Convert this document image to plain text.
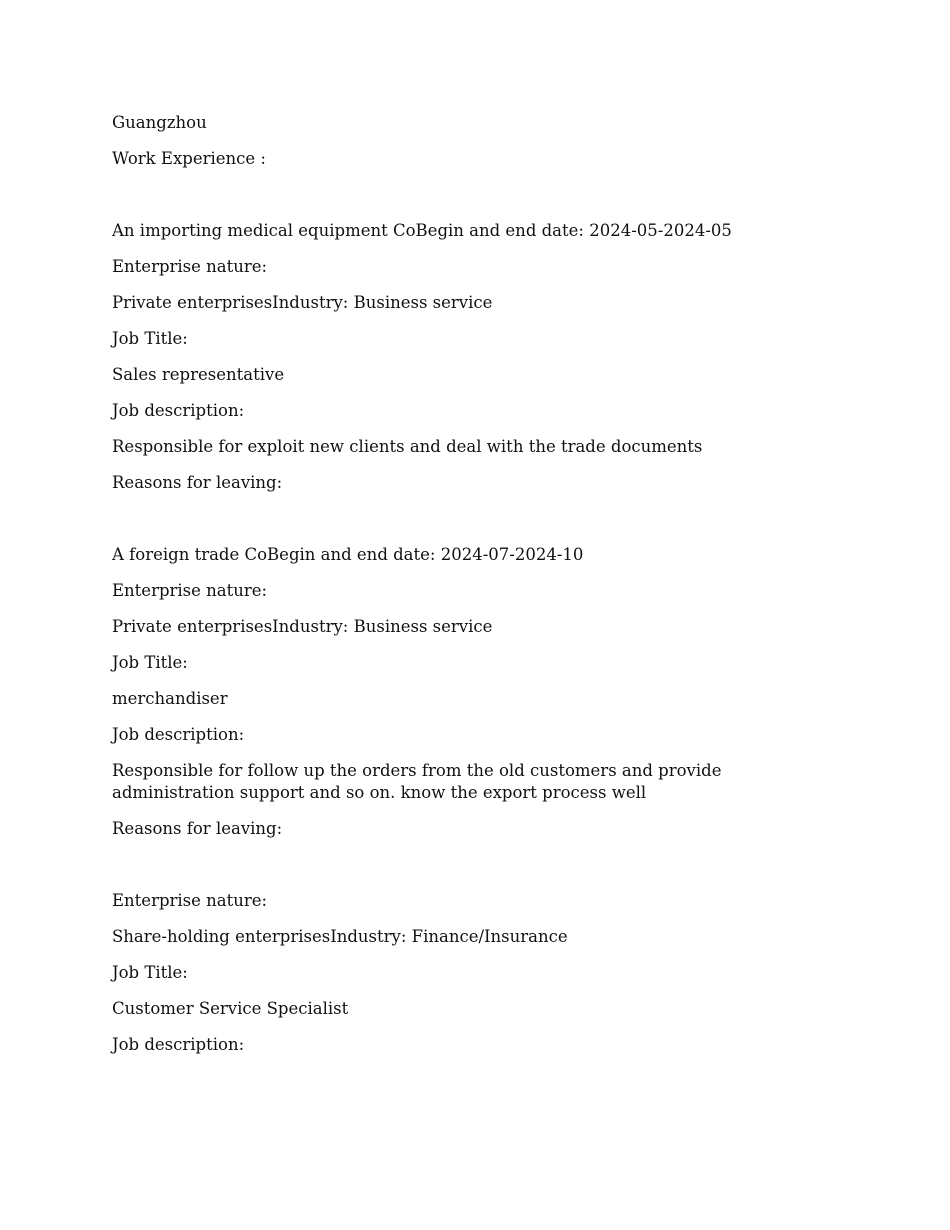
Guangzhou
Work Experience :
An importing medical equipment CoBegin and end date: 2024-05-2024-05
Enterprise nature:
Private enterprisesIndustry: Business service
Job Title:
Sales representative
Job description:
Responsible for exploit new clients and deal with the trade documents
Reasons for leaving:
A foreign trade CoBegin and end date: 2024-07-2024-10
Enterprise nature:
Private enterprisesIndustry: Business service
Job Title:
merchandiser
Job description:
Responsible for follow up the orders from the old customers and provide administration support and so on. know the export process well
Reasons for leaving:
Enterprise nature:
Share-holding enterprisesIndustry: Finance/Insurance
Job Title:
Customer Service Specialist
Job description:
